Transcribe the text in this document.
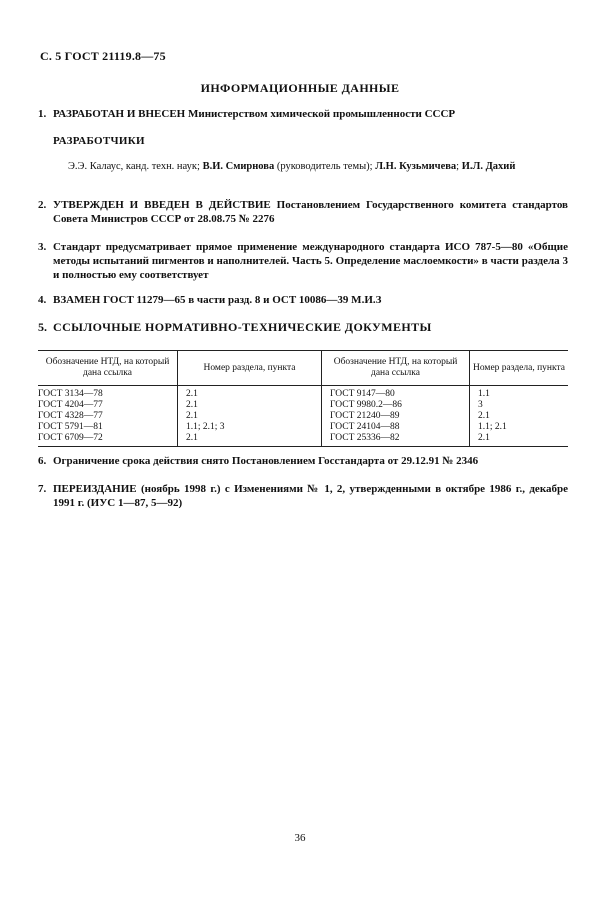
С. 5 ГОСТ 21119.8—75
ИНФОРМАЦИОННЫЕ ДАННЫЕ
1. РАЗРАБОТАН И ВНЕСЕН Министерством химической промышленности СССР
РАЗРАБОТЧИКИ
Э.Э. Калаус, канд. техн. наук; В.И. Смирнова (руководитель темы); Л.Н. Кузьмичева; И.Л. Дахий
2. УТВЕРЖДЕН И ВВЕДЕН В ДЕЙСТВИЕ Постановлением Государственного комитета стандартов Совета Министров СССР от 28.08.75 № 2276
3. Стандарт предусматривает прямое применение международного стандарта ИСО 787-5—80 «Общие методы испытаний пигментов и наполнителей. Часть 5. Определение маслоемкости» в части раздела 3 и полностью ему соответствует
4. ВЗАМЕН ГОСТ 11279—65 в части разд. 8 и ОСТ 10086—39 М.И.З
5. ССЫЛОЧНЫЕ НОРМАТИВНО-ТЕХНИЧЕСКИЕ ДОКУМЕНТЫ
Обозначение НТД, на который дана ссылка	Номер раздела, пункта	Обозначение НТД, на который дана ссылка	Номер раздела, пункта
ГОСТ 3134—78	2.1	ГОСТ 9147—80	1.1
ГОСТ 4204—77	2.1	ГОСТ 9980.2—86	3
ГОСТ 4328—77	2.1	ГОСТ 21240—89	2.1
ГОСТ 5791—81	1.1; 2.1; 3	ГОСТ 24104—88	1.1; 2.1
ГОСТ 6709—72	2.1	ГОСТ 25336—82	2.1
6. Ограничение срока действия снято Постановлением Госстандарта от 29.12.91 № 2346
7. ПЕРЕИЗДАНИЕ (ноябрь 1998 г.) с Изменениями № 1, 2, утвержденными в октябре 1986 г., декабре 1991 г. (ИУС 1—87, 5—92)
36
